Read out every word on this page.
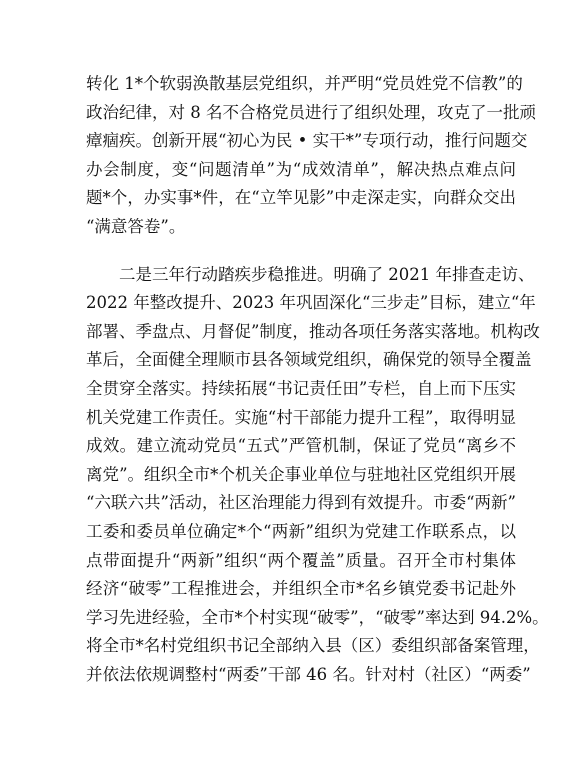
转化 1*个软弱涣散基层党组织，并严明“党员姓党不信教”的
政治纪律，对 8 名不合格党员进行了组织处理，攻克了一批顽
瘴痼疾。创新开展“初心为民 • 实干*”专项行动，推行问题交
办会制度，变“问题清单”为“成效清单”，解决热点难点问
题*个，办实事*件，在“立竿见影”中走深走实，向群众交出
“满意答卷”。
二是三年行动踏疾步稳推进。明确了 2021 年排查走访、
2022 年整改提升、2023 年巩固深化“三步走”目标，建立“年
部署、季盘点、月督促”制度，推动各项任务落实落地。机构改
革后，全面健全理顺市县各领域党组织，确保党的领导全覆盖
全贯穿全落实。持续拓展“书记责任田”专栏，自上而下压实
机关党建工作责任。实施“村干部能力提升工程”，取得明显
成效。建立流动党员“五式”严管机制，保证了党员“离乡不
离党”。组织全市*个机关企事业单位与驻地社区党组织开展
“六联六共”活动，社区治理能力得到有效提升。市委“两新”
工委和委员单位确定*个“两新”组织为党建工作联系点，以
点带面提升“两新”组织“两个覆盖”质量。召开全市村集体
经济“破零”工程推进会，并组织全市*名乡镇党委书记赴外
学习先进经验，全市*个村实现“破零”，“破零”率达到 94.2%。
将全市*名村党组织书记全部纳入县（区）委组织部备案管理，
并依法依规调整村“两委”干部 46 名。针对村（社区）“两委”
